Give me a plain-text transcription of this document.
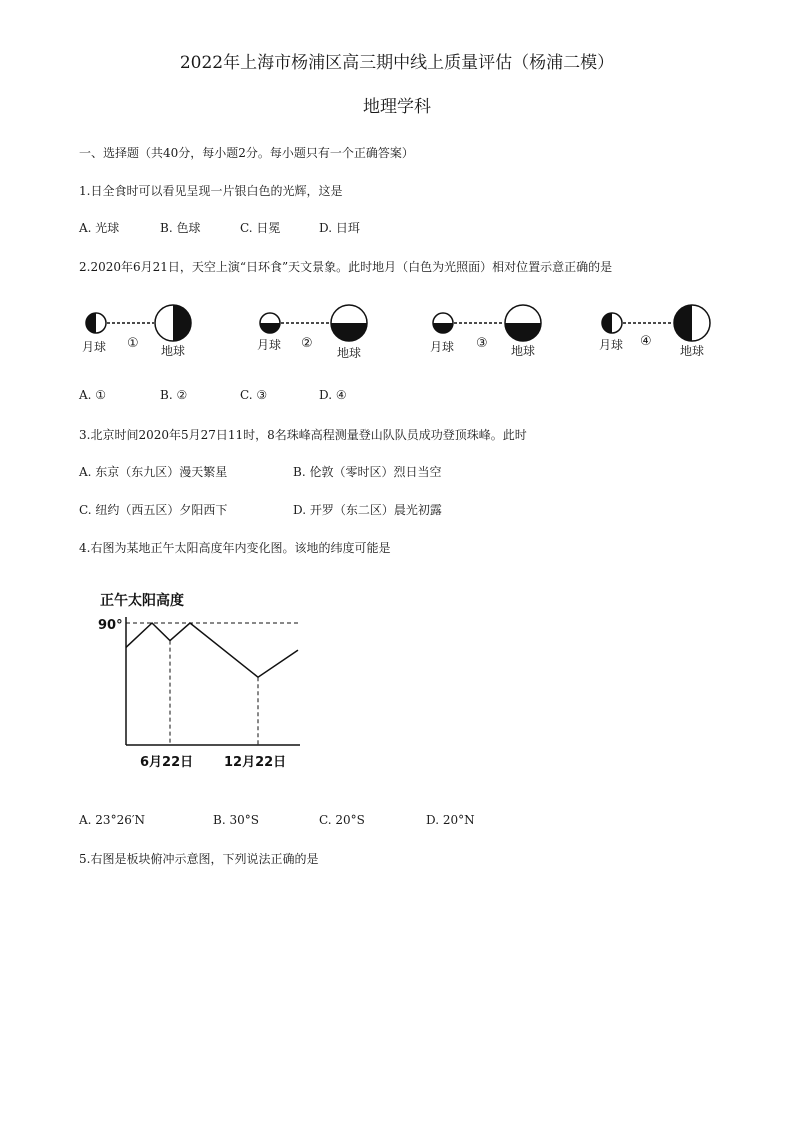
2022年上海市杨浦区高三期中线上质量评估（杨浦二模）
地理学科
一、选择题（共40分，每小题2分。每小题只有一个正确答案）
1.日全食时可以看见呈现一片银白色的光辉，这是
A. 光球	B. 色球	C. 日冕	D. 日珥
2.2020年6月21日，天空上演“日环食”天文景象。此时地月（白色为光照面）相对位置示意正确的是
月球 ① 地球	月球 ②
地球	月球 ③ 地球	月球 ④
地球
A. ①	B. ②	C. ③	D. ④
3.北京时间2020年5月27日11时，8名珠峰高程测量登山队队员成功登顶珠峰。此时
A. 东京（东九区）漫天繁星	B. 伦敦（零时区）烈日当空
C. 纽约（西五区）夕阳西下	D. 开罗（东二区）晨光初露
4.右图为某地正午太阳高度年内变化图。该地的纬度可能是
正午太阳高度
90°
6月22日 12月22日
A. 23°26′N	B. 30°S	C. 20°S	D. 20°N
5.右图是板块俯冲示意图，下列说法正确的是
